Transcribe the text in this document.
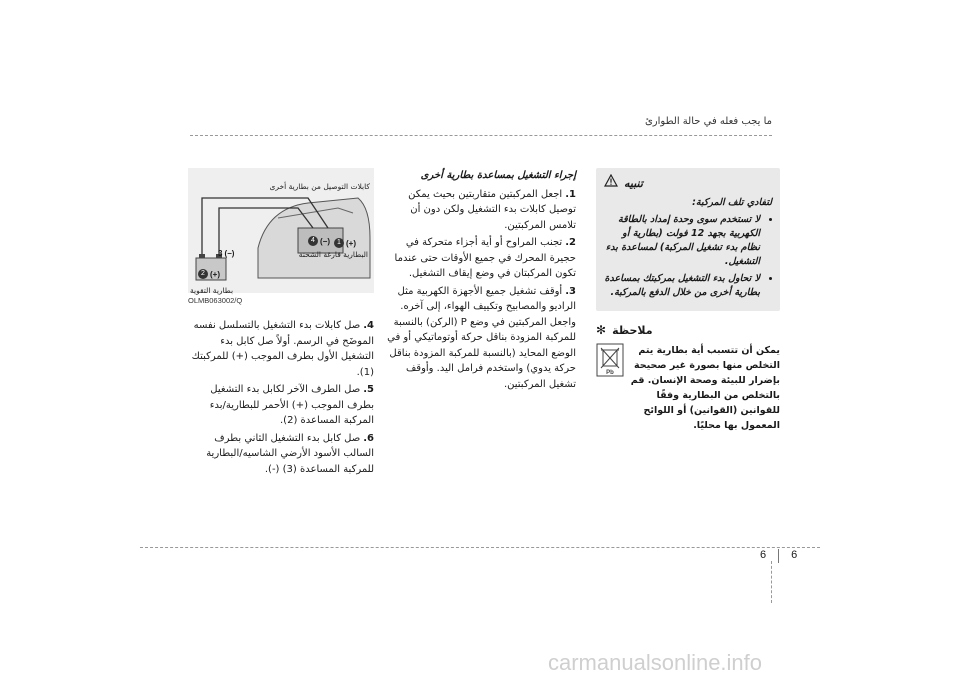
ما يجب فعله في حالة الطوارئ
تنبيه
لتفادي تلف المركبة:
• لا تستخدم سوى وحدة إمداد بالطاقة الكهربية بجهد 12 فولت (بطارية أو نظام بدء تشغيل المركبة) لمساعدة بدء التشغيل.
• لا تحاول بدء التشغيل بمركبتك بمساعدة بطارية أخرى من خلال الدفع بالمركبة.
ملاحظة
✻
Pb
يمكن أن تتسبب أية بطارية يتم التخلص منها بصورة غير صحيحة بإضرار للبيئة وصحة الإنسان. قم بالتخلص من البطارية وفقًا للقوانين (القوانين) أو اللوائح المعمول بها محليًا.
إجراء التشغيل بمساعدة بطارية أخرى
1.اجعل المركبتين متقاربتين بحيث يمكن توصيل كابلات بدء التشغيل ولكن دون أن تلامس المركبتين.
2.تجنب المراوح أو أية أجزاء متحركة في حجيرة المحرك في جميع الأوقات حتى عندما تكون المركبتان في وضع إيقاف التشغيل.
3.أوقف تشغيل جميع الأجهزة الكهربية مثل الراديو والمصابيح وتكييف الهواء، إلى آخره. واجعل المركبتين في وضع P (الركن) بالنسبة للمركبة المزودة بناقل حركة أوتوماتيكي أو في الوضع المحايد (بالنسبة للمركبة المزودة بناقل حركة يدوي) واستخدم فرامل اليد. وأوقف تشغيل المركبتين.
كابلات التوصيل من بطارية أخرى
البطارية فارغة الشحنة
بطارية التقوية
1 (+)
2 (+)
3 (−)
4 (−)
OLMB063002/Q
4.صل كابلات بدء التشغيل بالتسلسل نفسه الموضَح في الرسم. أولاً صل كابل بدء التشغيل الأول بطرف الموجب (+) للمركبتك (1).
5.صل الطرف الآخر لكابل بدء التشغيل بطرف الموجب (+) الأحمر للبطارية/بدء المركبة المساعدة (2).
6.صل كابل بدء التشغيل الثاني بطرف السالب الأسود الأرضي الشاسيه/البطارية للمركبة المساعدة (3) (-).
6 6
carmanualsonline.info
